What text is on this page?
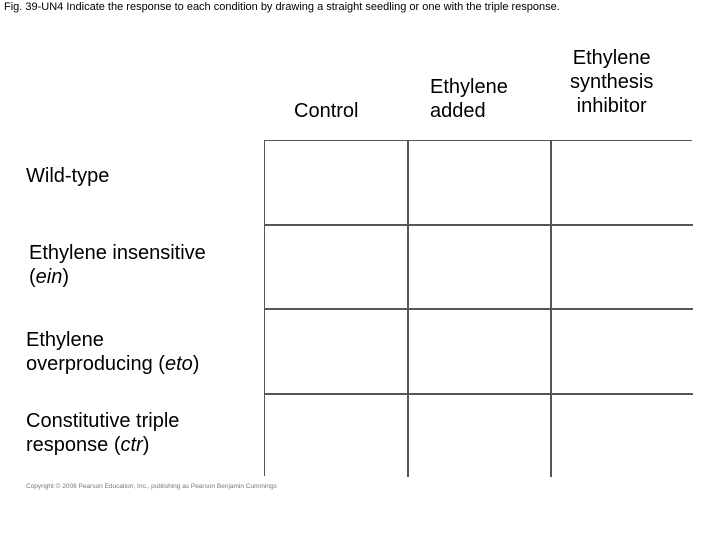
Fig. 39-UN4 Indicate the response to each condition by drawing a straight seedling or one with the triple response.
Control
Ethylene
added
Ethylene
synthesis
inhibitor
Wild-type
Ethylene insensitive
(ein)
Ethylene
overproducing (eto)
Constitutive triple
response (ctr)
Copyright © 2008 Pearson Education, Inc., publishing as Pearson Benjamin Cummings
